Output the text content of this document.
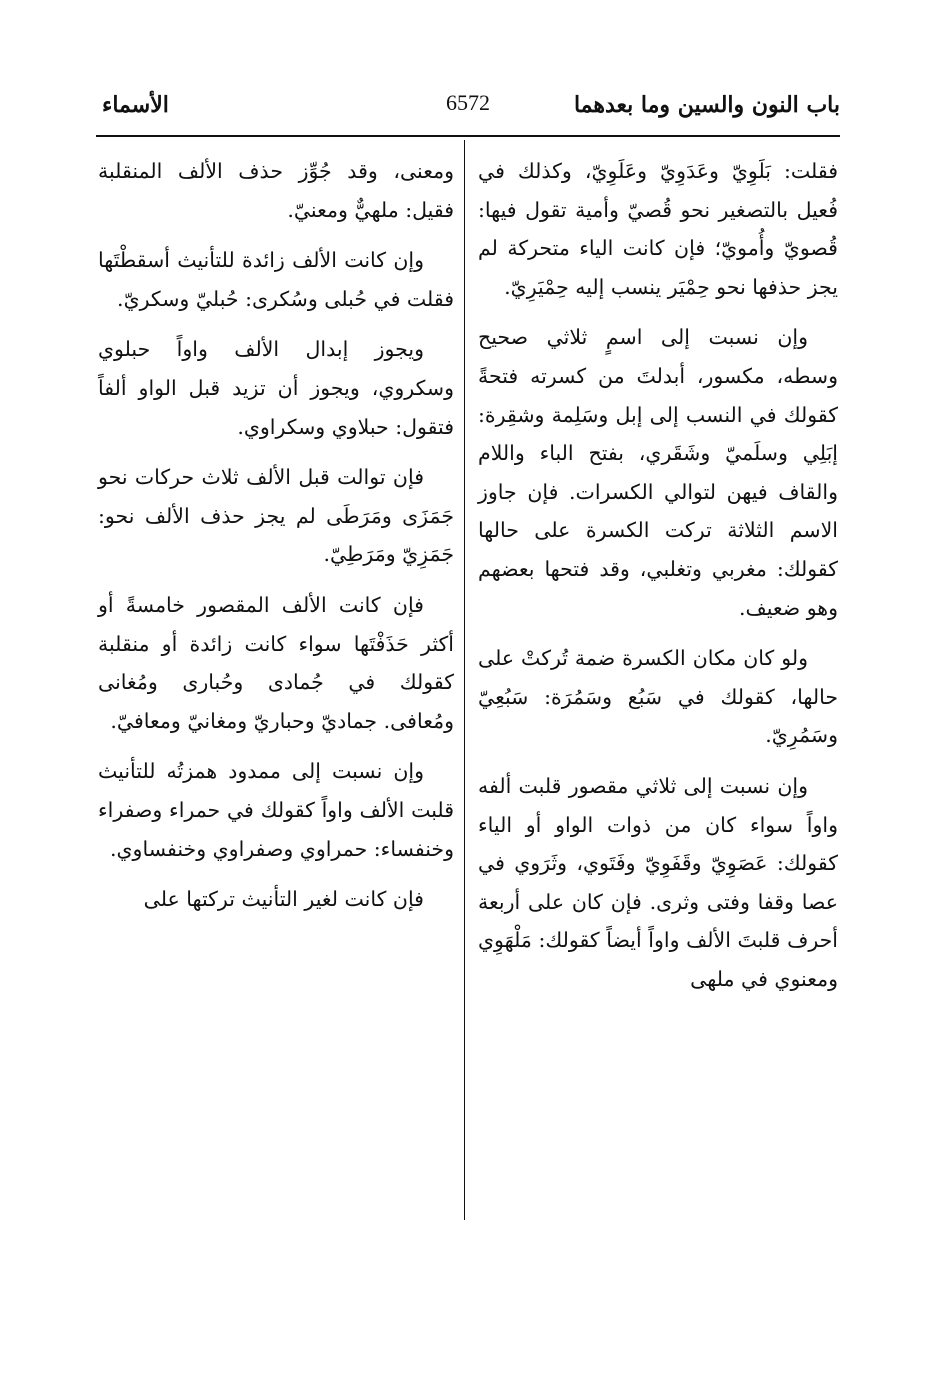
باب النون والسين وما بعدهما
6572
الأسماء

فقلت: بَلَوِيّ وعَدَوِيّ وعَلَوِيّ، وكذلك في فُعيل بالتصغير نحو قُصيّ وأمية تقول فيها: قُصويّ وأُمويّ؛ فإن كانت الياء متحركة لم يجز حذفها نحو حِمْيَر ينسب إليه حِمْيَرِيّ.

وإن نسبت إلى اسمٍ ثلاثي صحيح وسطه، مكسور، أبدلتَ من كسرته فتحةً كقولك في النسب إلى إبل وسَلِمة وشقِرة: إبَلِي وسلَميّ وشَقَري، بفتح الباء واللام والقاف فيهن لتوالي الكسرات. فإن جاوز الاسم الثلاثة تركت الكسرة على حالها كقولك: مغربي وتغلبي، وقد فتحها بعضهم وهو ضعيف.

ولو كان مكان الكسرة ضمة تُركتْ على حالها، كقولك في سَبُع وسَمُرَة: سَبُعِيّ وسَمُرِيّ.

وإن نسبت إلى ثلاثي مقصور قلبت ألفه واواً سواء كان من ذوات الواو أو الياء كقولك: عَصَوِيّ وقَفَوِيّ وفَتَوي، وثَرَوي في عصا وقفا وفتى وثرى. فإن كان على أربعة أحرف قلبتَ الألف واواً أيضاً كقولك: مَلْهَوِي ومعنوي في ملهى

ومعنى، وقد جُوِّز حذف الألف المنقلبة فقيل: ملهيٌّ ومعنيّ.

وإن كانت الألف زائدة للتأنيث أسقطْتَها فقلت في حُبلى وسُكرى: حُبليّ وسكريّ.

ويجوز إبدال الألف واواً حبلوي وسكروي، ويجوز أن تزيد قبل الواو ألفاً فتقول: حبلاوي وسكراوي.

فإن توالت قبل الألف ثلاث حركات نحو جَمَزَى ومَرَطَى لم يجز حذف الألف نحو: جَمَزِيّ ومَرَطِيّ.

فإن كانت الألف المقصور خامسةً أو أكثر حَذَفْتَها سواء كانت زائدة أو منقلبة كقولك في جُمادى وحُبارى ومُغانى ومُعافى. جماديّ وحباريّ ومغانيّ ومعافيّ.

وإن نسبت إلى ممدود همزتُه للتأنيث قلبت الألف واواً كقولك في حمراء وصفراء وخنفساء: حمراوي وصفراوي وخنفساوي.

فإن كانت لغير التأنيث تركتها على
